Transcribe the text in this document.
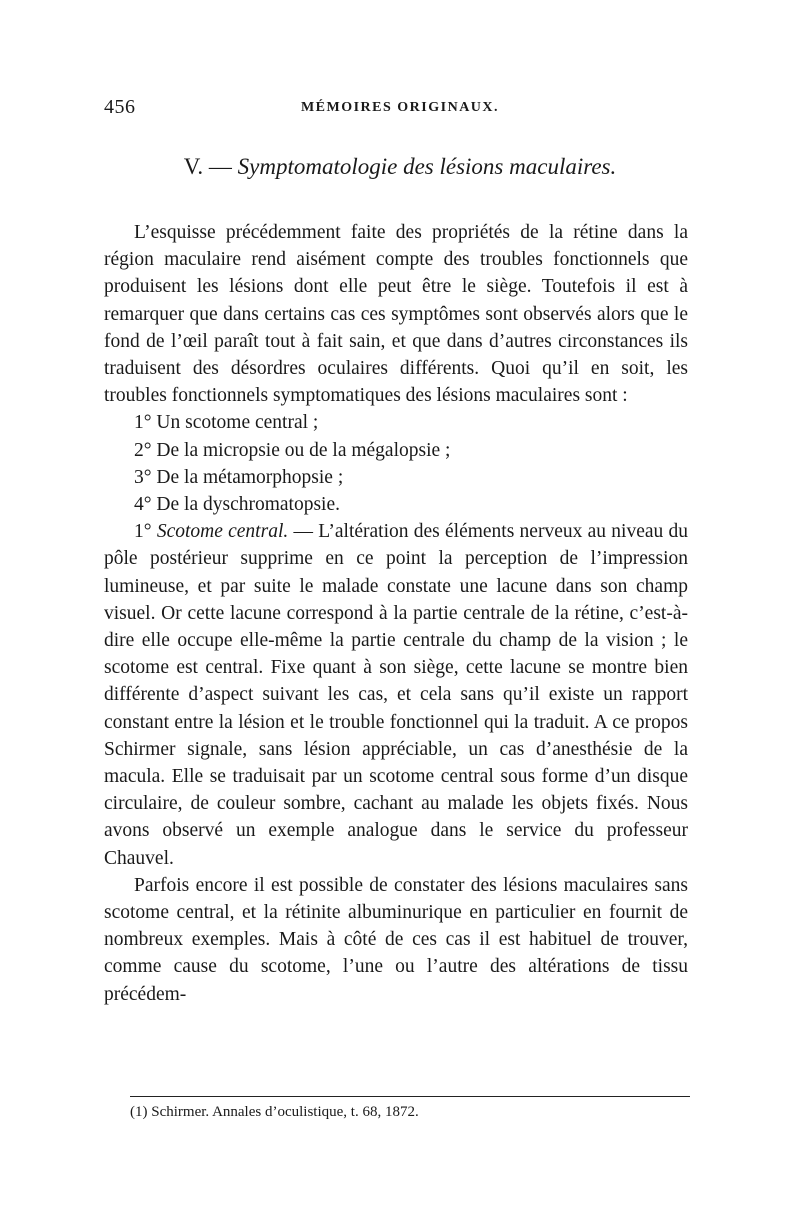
456	MÉMOIRES ORIGINAUX.
V. — Symptomatologie des lésions maculaires.

L’esquisse précédemment faite des propriétés de la rétine dans la région maculaire rend aisément compte des troubles fonctionnels que produisent les lésions dont elle peut être le siège. Toutefois il est à remarquer que dans certains cas ces symptômes sont observés alors que le fond de l’œil paraît tout à fait sain, et que dans d’autres circonstances ils traduisent des désordres oculaires différents. Quoi qu’il en soit, les troubles fonctionnels symptomatiques des lésions maculaires sont :

1° Un scotome central ;
2° De la micropsie ou de la mégalopsie ;
3° De la métamorphopsie ;
4° De la dyschromatopsie.

1° Scotome central. — L’altération des éléments nerveux au niveau du pôle postérieur supprime en ce point la perception de l’impression lumineuse, et par suite le malade constate une lacune dans son champ visuel. Or cette lacune correspond à la partie centrale de la rétine, c’est-à-dire elle occupe elle-même la partie centrale du champ de la vision ; le scotome est central. Fixe quant à son siège, cette lacune se montre bien différente d’aspect suivant les cas, et cela sans qu’il existe un rapport constant entre la lésion et le trouble fonctionnel qui la traduit. A ce propos Schirmer signale, sans lésion appréciable, un cas d’anesthésie de la macula. Elle se traduisait par un scotome central sous forme d’un disque circulaire, de couleur sombre, cachant au malade les objets fixés. Nous avons observé un exemple analogue dans le service du professeur Chauvel.

Parfois encore il est possible de constater des lésions maculaires sans scotome central, et la rétinite albuminurique en particulier en fournit de nombreux exemples. Mais à côté de ces cas il est habituel de trouver, comme cause du scotome, l’une ou l’autre des altérations de tissu précédem-

(1) Schirmer. Annales d’oculistique, t. 68, 1872.
